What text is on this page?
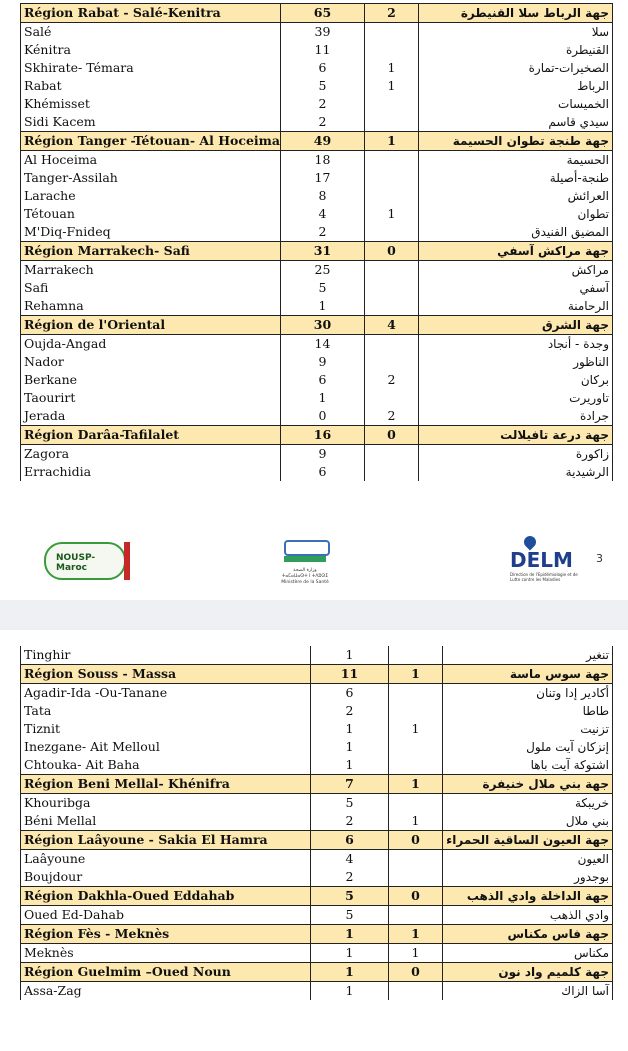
Région Rabat - Salé-Kenitra	65	2	جهة الرباط سلا القنيطرة
Salé	39		سلا
Kénitra	11		القنيطرة
Skhirate- Témara	6	1	الصخيرات-تمارة
Rabat	5	1	الرباط
Khémisset	2		الخميسات
Sidi Kacem	2		سيدي قاسم
Région Tanger -Tétouan- Al Hoceima	49	1	جهة طنجة تطوان الحسيمة
Al Hoceima	18		الحسيمة
Tanger-Assilah	17		طنجة-أصيلة
Larache	8		العرائش
Tétouan	4	1	تطوان
M'Diq-Fnideq	2		المضيق الفنيدق
Région Marrakech- Safi	31	0	جهة مراكش آسفي
Marrakech	25		مراكش
Safi	5		آسفي
Rehamna	1		الرحامنة
Région de l'Oriental	30	4	جهة الشرق
Oujda-Angad	14		وجدة - أنجاد
Nador	9		الناظور
Berkane	6	2	بركان
Taourirt	1		تاوريرت
Jerada	0	2	جرادة
Région Darâa-Tafilalet	16	0	جهة درعة تافيلالت
Zagora	9		زاكورة
Errachidia	6		الرشيدية
NOUSP-Maroc	وزارة الصحة ⵜⴰⵎⴰⵡⴰⵙⵜ ⵏ ⵜⴷⵓⵙⵉ Ministère de la Santé
DELM
Direction de l'Epidémiologie et de Lutte contre les Maladies
3
Tinghir	1		تنغير
Région Souss - Massa	11	1	جهة سوس ماسة
Agadir-Ida -Ou-Tanane	6		أكادير إدا وتنان
Tata	2		طاطا
Tiznit	1	1	تزنيت
Inezgane- Ait Melloul	1		إنزكان آيت ملول
Chtouka- Ait Baha	1		اشتوكة آيت باها
Région Beni Mellal- Khénifra	7	1	جهة بني ملال خنيفرة
Khouribga	5		خريبكة
Béni Mellal	2	1	بني ملال
Région Laâyoune - Sakia El Hamra	6	0	جهة العيون الساقية الحمراء
Laâyoune	4		العيون
Boujdour	2		بوجدور
Région Dakhla-Oued Eddahab	5	0	جهة الداخلة وادي الذهب
Oued Ed-Dahab	5		وادي الذهب
Région Fès - Meknès	1	1	جهة فاس مكناس
Meknès	1	1	مكناس
Région Guelmim –Oued Noun	1	0	جهة كلميم واد نون
Assa-Zag	1		آسا الزاك
